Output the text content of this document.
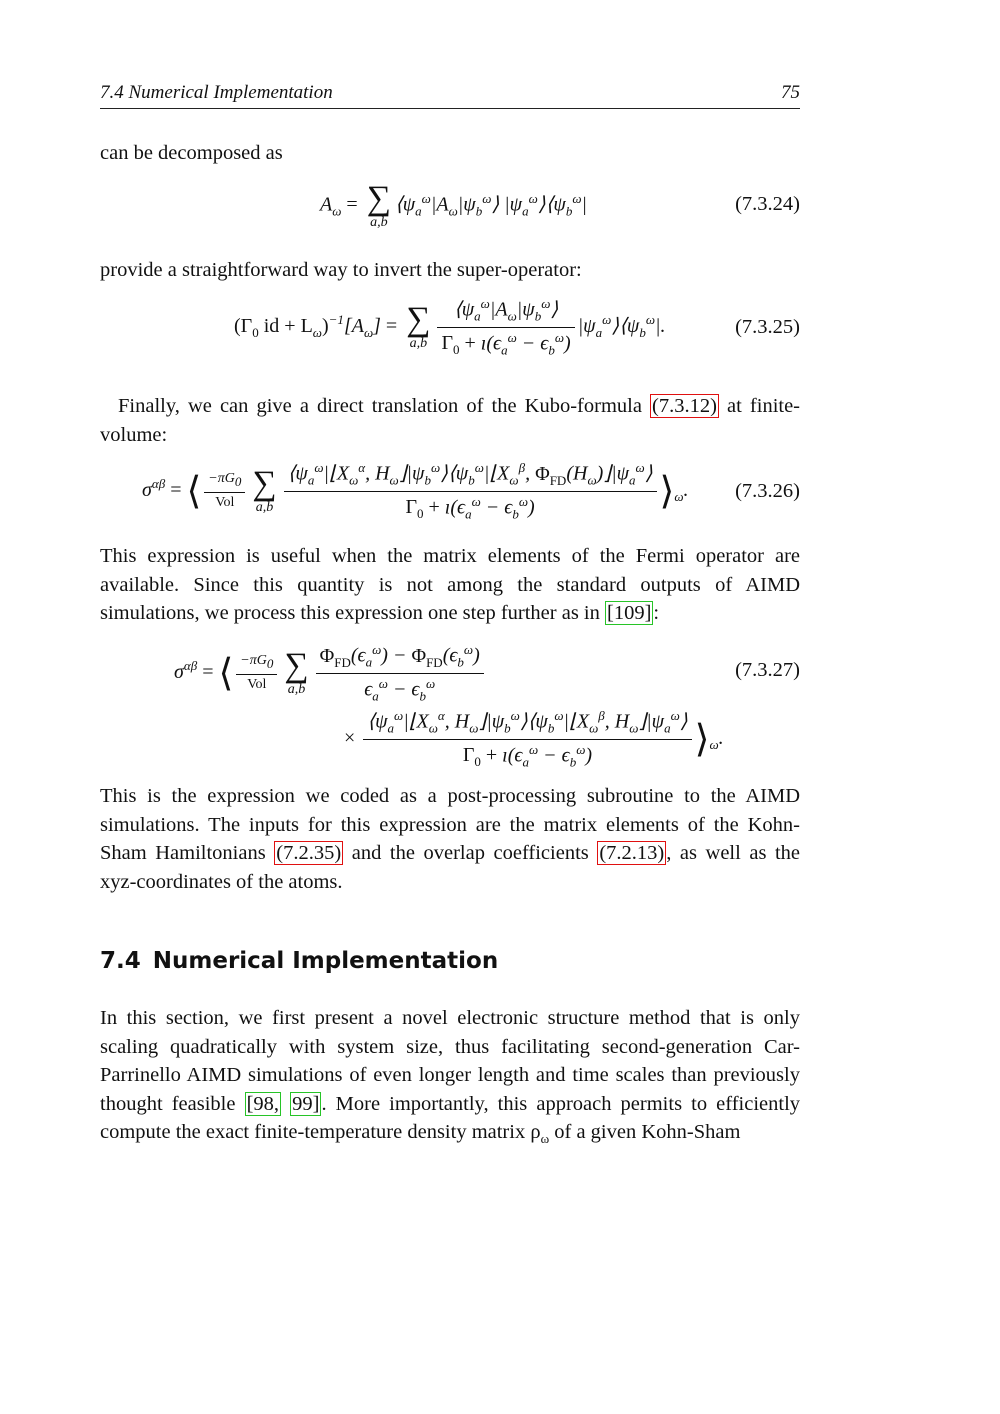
7.4 Numerical Implementation	75
can be decomposed as
$A_\omega$ = ∑
a,b
$⟨\psi_a^\omega|A_\omega|\psi_b^\omega⟩$ $|\psi_a^\omega⟩⟨\psi_b^\omega|$	(7.3.24)
provide a straightforward way to invert the super-operator:
($\Gamma_0$ id + $L_\omega)^{-1}[A_\omega]$ = ∑
$a,b \frac{⟨\psi_a^\omega|A_\omega|\psi_b^\omega⟩}{\Gamma_0 + ı(\epsilon_a^\omega - \epsilon_b^\omega)}$ $|\psi_a^\omega⟩⟨\psi_b^\omega|$.	(7.3.25)
Finally, we can give a direct translation of the Kubo-formula (7.3.12) at finite-volume:
$\sigma^{\alpha\beta}$ = ⟨ $\frac{-\pi G_0}{\text{Vol}}$ ∑
$a,b \frac{⟨\psi_a^\omega|⌊X_\omega^\alpha, H_\omega⌋|\psi_b^\omega⟩⟨\psi_b^\omega|⌊X_\omega^\beta, \Phi_{FD}(H_\omega)⌋|\psi_a^\omega⟩}{\Gamma_0 + ı(\epsilon_a^\omega - \epsilon_b^\omega)}$ $⟩_\omega$. (7.3.26)
This expression is useful when the matrix elements of the Fermi operator are available. Since this quantity is not among the standard outputs of AIMD simulations, we process this expression one step further as in [109]:
$\sigma^{\alpha\beta}$ = ⟨ $\frac{-\pi G_0}{\text{Vol}}$ ∑
$a,b \frac{\Phi_{FD}(\epsilon_a^\omega) - \Phi_{FD}(\epsilon_b^\omega)}{\epsilon_a^\omega - \epsilon_b^\omega}$
× $\frac{⟨\psi_a^\omega|⌊X_\omega^\alpha, H_\omega⌋|\psi_b^\omega⟩⟨\psi_b^\omega|⌊X_\omega^\beta, H_\omega⌋|\psi_a^\omega⟩}{\Gamma_0 + ı(\epsilon_a^\omega - \epsilon_b^\omega)}$ $⟩_\omega$.
(7.3.27)
This is the expression we coded as a post-processing subroutine to the AIMD simulations. The inputs for this expression are the matrix elements of the Kohn-Sham Hamiltonians (7.2.35) and the overlap coefficients (7.2.13), as well as the xyz-coordinates of the atoms.
7.4 Numerical Implementation
In this section, we first present a novel electronic structure method that is only scaling quadratically with system size, thus facilitating second-generation Car-Parrinello AIMD simulations of even longer length and time scales than previously thought feasible [98, 99]. More importantly, this approach permits to efficiently compute the exact finite-temperature density matrix $\rho_\omega$ of a given Kohn-Sham
